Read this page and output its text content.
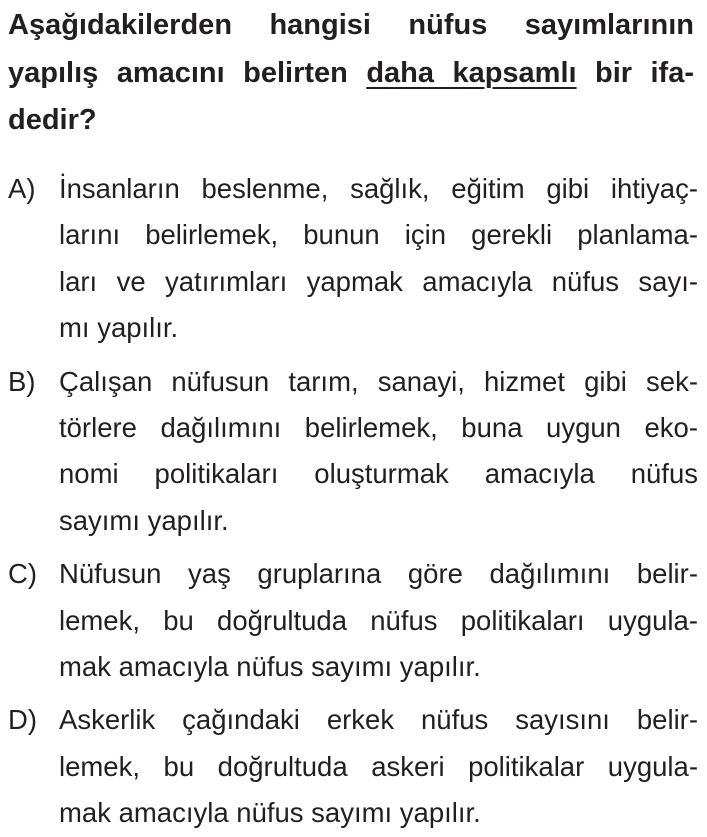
Aşağıdakilerden hangisi nüfus sayımlarının
yapılış amacını belirten daha kapsamlı bir ifa-
dedir?
A) İnsanların beslenme, sağlık, eğitim gibi ihtiyaç-
larını belirlemek, bunun için gerekli planlama-
ları ve yatırımları yapmak amacıyla nüfus sayı-
mı yapılır.
B) Çalışan nüfusun tarım, sanayi, hizmet gibi sek-
törlere dağılımını belirlemek, buna uygun eko-
nomi politikaları oluşturmak amacıyla nüfus
sayımı yapılır.
C) Nüfusun yaş gruplarına göre dağılımını belir-
lemek, bu doğrultuda nüfus politikaları uygula-
mak amacıyla nüfus sayımı yapılır.
D) Askerlik çağındaki erkek nüfus sayısını belir-
lemek, bu doğrultuda askeri politikalar uygula-
mak amacıyla nüfus sayımı yapılır.
